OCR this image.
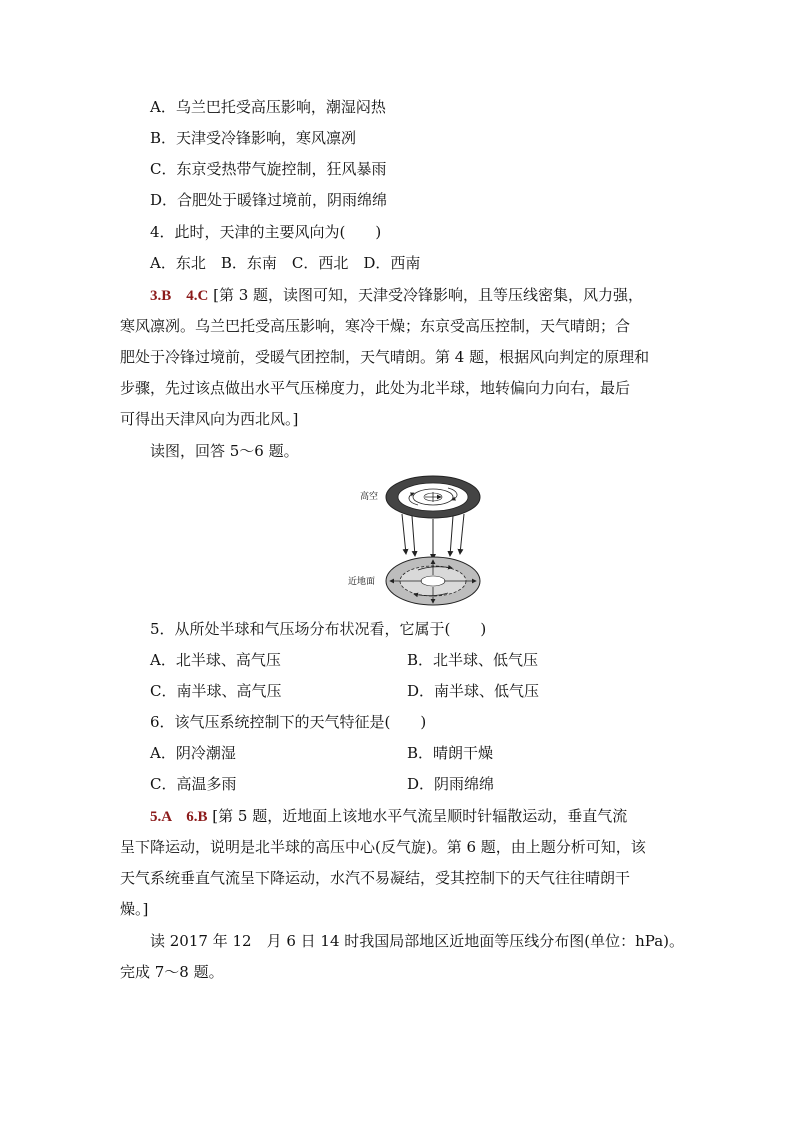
A．乌兰巴托受高压影响，潮湿闷热
B．天津受冷锋影响，寒风凛冽
C．东京受热带气旋控制，狂风暴雨
D．合肥处于暖锋过境前，阴雨绵绵
4．此时，天津的主要风向为(　　)
A．东北　B．东南　C．西北　D．西南
3.B　4.C [第 3 题，读图可知，天津受冷锋影响，且等压线密集，风力强，
寒风凛冽。乌兰巴托受高压影响，寒冷干燥；东京受高压控制，天气晴朗；合
肥处于冷锋过境前，受暖气团控制，天气晴朗。第 4 题，根据风向判定的原理和
步骤，先过该点做出水平气压梯度力，此处为北半球，地转偏向力向右，最后
可得出天津风向为西北风。]
读图，回答 5～6 题。
高空
近地面
5．从所处半球和气压场分布状况看，它属于(　　)
A．北半球、高气压	B．北半球、低气压
C．南半球、高气压	D．南半球、低气压
6．该气压系统控制下的天气特征是(　　)
A．阴冷潮湿	B．晴朗干燥
C．高温多雨	D．阴雨绵绵
5.A　6.B [第 5 题，近地面上该地水平气流呈顺时针辐散运动，垂直气流
呈下降运动，说明是北半球的高压中心(反气旋)。第 6 题，由上题分析可知，该
天气系统垂直气流呈下降运动，水汽不易凝结，受其控制下的天气往往晴朗干
燥。]
读 2017 年 12　月 6 日 14 时我国局部地区近地面等压线分布图(单位：hPa)。
完成 7～8 题。
